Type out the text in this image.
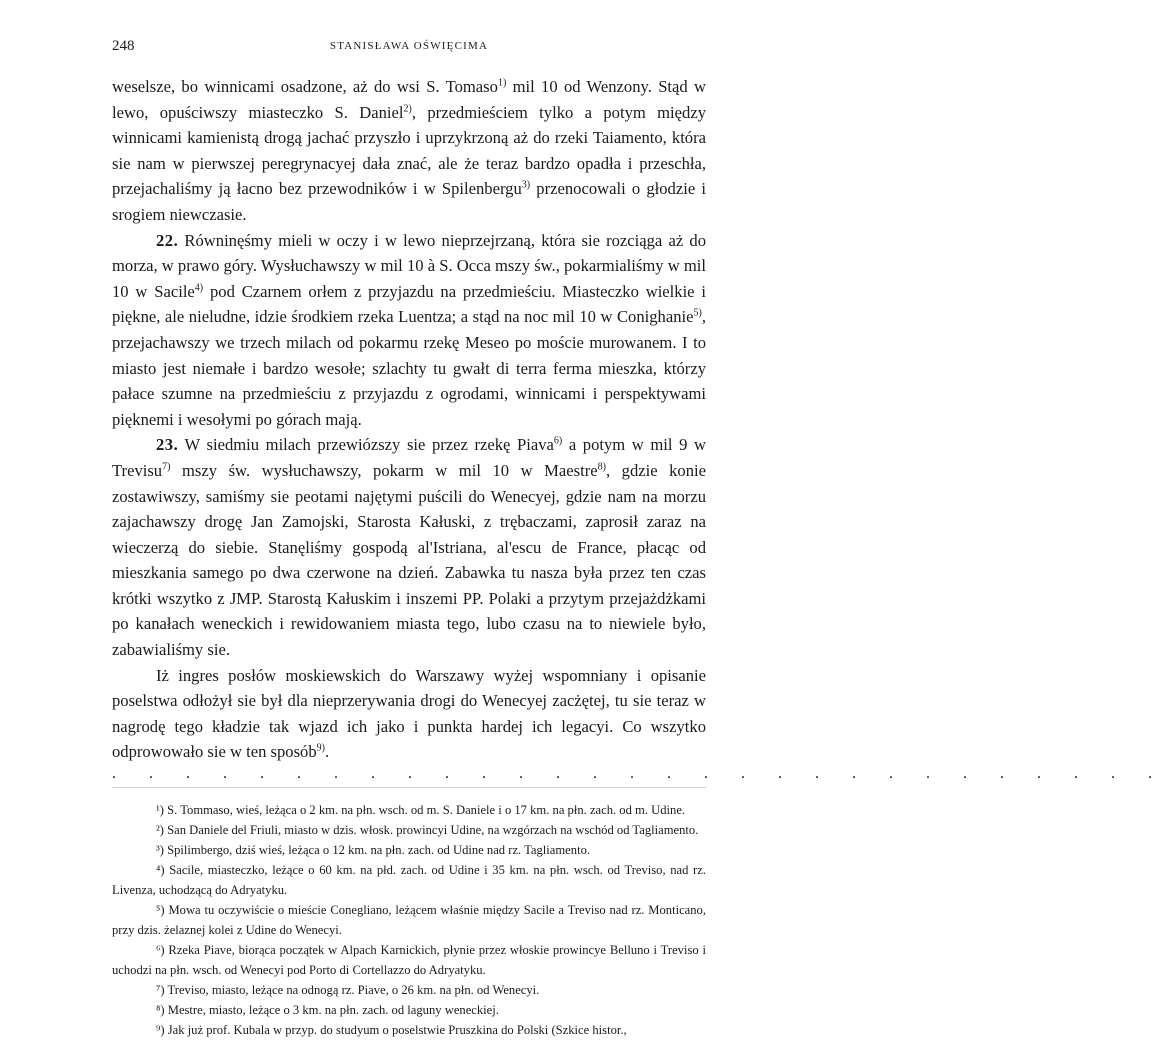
248	STANISŁAWA OŚWIĘCIMA

weselsze, bo winnicami osadzone, aż do wsi S. Tomaso$^{1)}$ mil 10 od Wenzony. Stąd w lewo, opuściwszy miasteczko S. Daniel$^{2)}$, przedmieściem tylko a potym między winnicami kamienistą drogą jachać przyszło i uprzykrzoną aż do rzeki Taiamento, która sie nam w pierwszej peregrynacyej dała znać, ale że teraz bardzo opadła i przeschła, przejachaliśmy ją łacno bez przewodników i w Spilenbergu$^{3)}$ przenocowali o głodzie i srogiem niewczasie.

22. Równinęśmy mieli w oczy i w lewo nieprzejrzaną, która sie rozciąga aż do morza, w prawo góry. Wysłuchawszy w mil 10 à S. Occa mszy św., pokarmialiśmy w mil 10 w Sacile$^{4)}$ pod Czarnem orłem z przyjazdu na przedmieściu. Miasteczko wielkie i piękne, ale nieludne, idzie środkiem rzeka Luentza; a stąd na noc mil 10 w Conighanie$^{5)}$, przejachawszy we trzech milach od pokarmu rzekę Meseo po moście murowanem. I to miasto jest niemałe i bardzo wesołe; szlachty tu gwałt di terra ferma mieszka, którzy pałace szumne na przedmieściu z przyjazdu z ogrodami, winnicami i perspektywami pięknemi i wesołymi po górach mają.

23. W siedmiu milach przewiózszy sie przez rzekę Piava$^{6)}$ a potym w mil 9 w Trevisu$^{7)}$ mszy św. wysłuchawszy, pokarm w mil 10 w Maestre$^{8)}$, gdzie konie zostawiwszy, samiśmy sie peotami najętymi puścili do Wenecyej, gdzie nam na morzu zajachawszy drogę Jan Zamojski, Starosta Kałuski, z trębaczami, zaprosił zaraz na wieczerzą do siebie. Stanęliśmy gospodą al'Istriana, al'escu de France, płacąc od mieszkania samego po dwa czerwone na dzień. Zabawka tu nasza była przez ten czas krótki wszytko z JMP. Starostą Kałuskim i inszemi PP. Polaki a przytym przejażdżkami po kanałach weneckich i rewidowaniem miasta tego, lubo czasu na to niewiele było, zabawialiśmy sie.

Iż ingres posłów moskiewskich do Warszawy wyżej wspomniany i opisanie poselstwa odłożył sie był dla nieprzerywania drogi do Wenecyej zacżętej, tu sie teraz w nagrodę tego kładzie tak wjazd ich jako i punkta hardej ich legacyi. Co wszytko odprowowało sie w ten sposób$^{9)}$.

. . . . . . . . . . . . . . . . . . . . . . . . . . . . .

¹) S. Tommaso, wieś, leżąca o 2 km. na płn. wsch. od m. S. Daniele i o 17 km. na płn. zach. od m. Udine.

²) San Daniele del Friuli, miasto w dzis. włosk. prowincyi Udine, na wzgórzach na wschód od Tagliamento.

³) Spilimbergo, dziś wieś, leżąca o 12 km. na płn. zach. od Udine nad rz. Tagliamento.

⁴) Sacile, miasteczko, leżące o 60 km. na płd. zach. od Udine i 35 km. na płn. wsch. od Treviso, nad rz. Livenza, uchodzącą do Adryatyku.

⁵) Mowa tu oczywiście o mieście Conegliano, leżącem właśnie między Sacile a Treviso nad rz. Monticano, przy dzis. żelaznej kolei z Udine do Wenecyi.

⁶) Rzeka Piave, biorąca początek w Alpach Karnickich, płynie przez włoskie prowincye Belluno i Treviso i uchodzi na płn. wsch. od Wenecyi pod Porto di Cortellazzo do Adryatyku.

⁷) Treviso, miasto, leżące na odnogą rz. Piave, o 26 km. na płn. od Wenecyi.

⁸) Mestre, miasto, leżące o 3 km. na płn. zach. od laguny weneckiej.

⁹) Jak już prof. Kubala w przyp. do studyum o poselstwie Pruszkina do Polski (Szkice histor.,
